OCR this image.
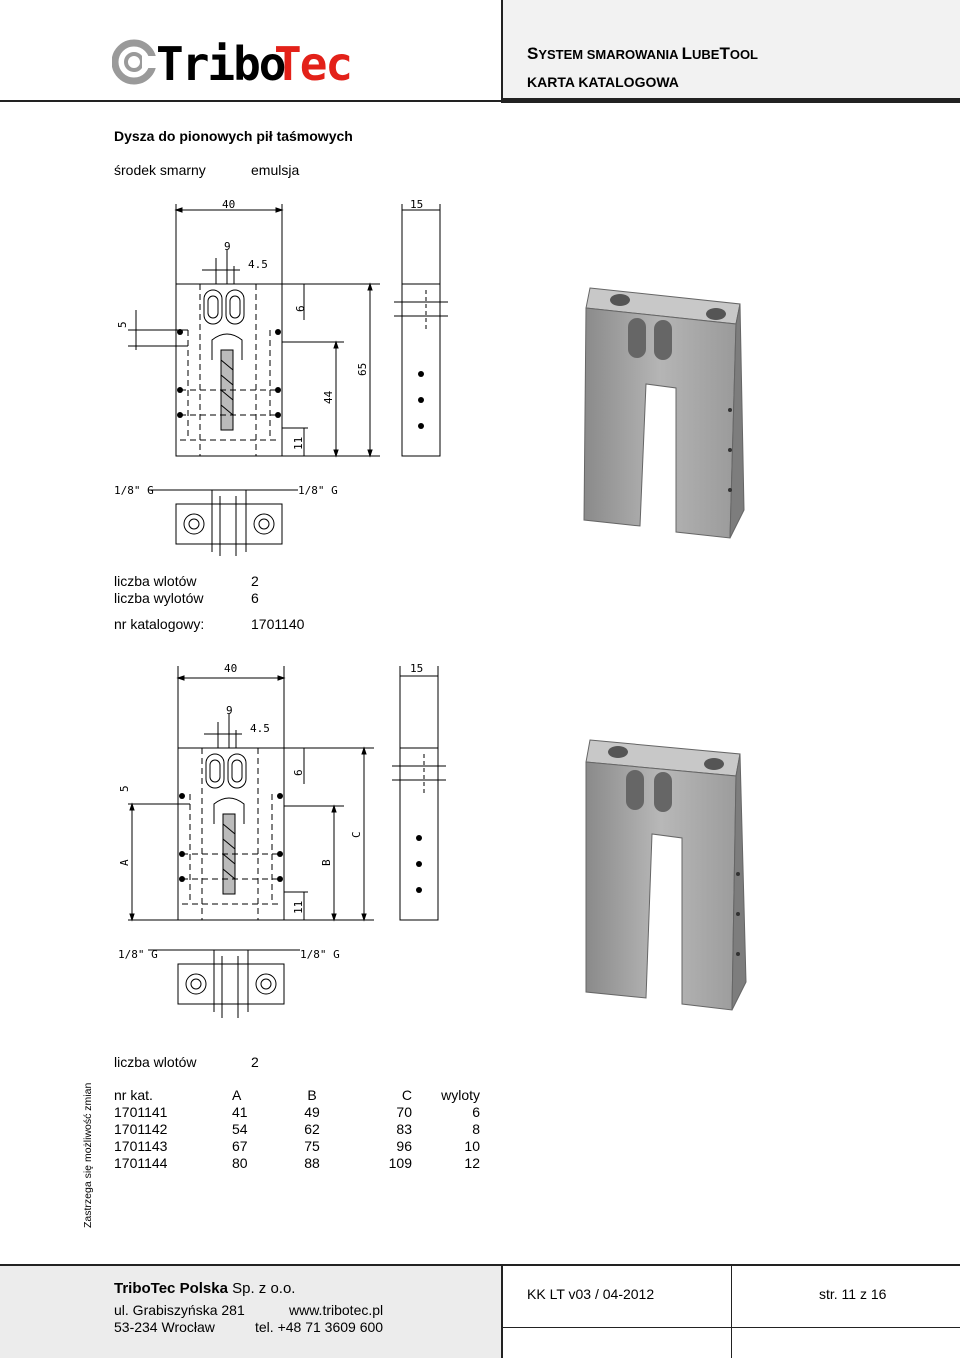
Tribo
Tec	SYSTEM SMAROWANIA LUBETOOL
KARTA KATALOGOWA
Dysza do pionowych pił taśmowych
środek smarny	emulsja
40	15
9
4.5
5
6
65
44
11
1/8" G	1/8" G
liczba wlotów	2
liczba wylotów	6
nr katalogowy:	1701140
40	15
9
4.5
5
6
A	B
C
11
1/8" G	1/8" G
liczba wlotów	2
nr kat.	A	B	C	wyloty
1701141	41	49	70	6
1701142	54	62	83	8
1701143	67	75	96	10
1701144	80	88	109	12
Zastrzega się możliwość zmian
TriboTec Polska Sp. z o.o.
ul. Grabiszyńska 281	www.tribotec.pl
53-234 Wrocław	tel. +48 71 3609 600
KK LT v03 / 04-2012	str. 11 z 16
